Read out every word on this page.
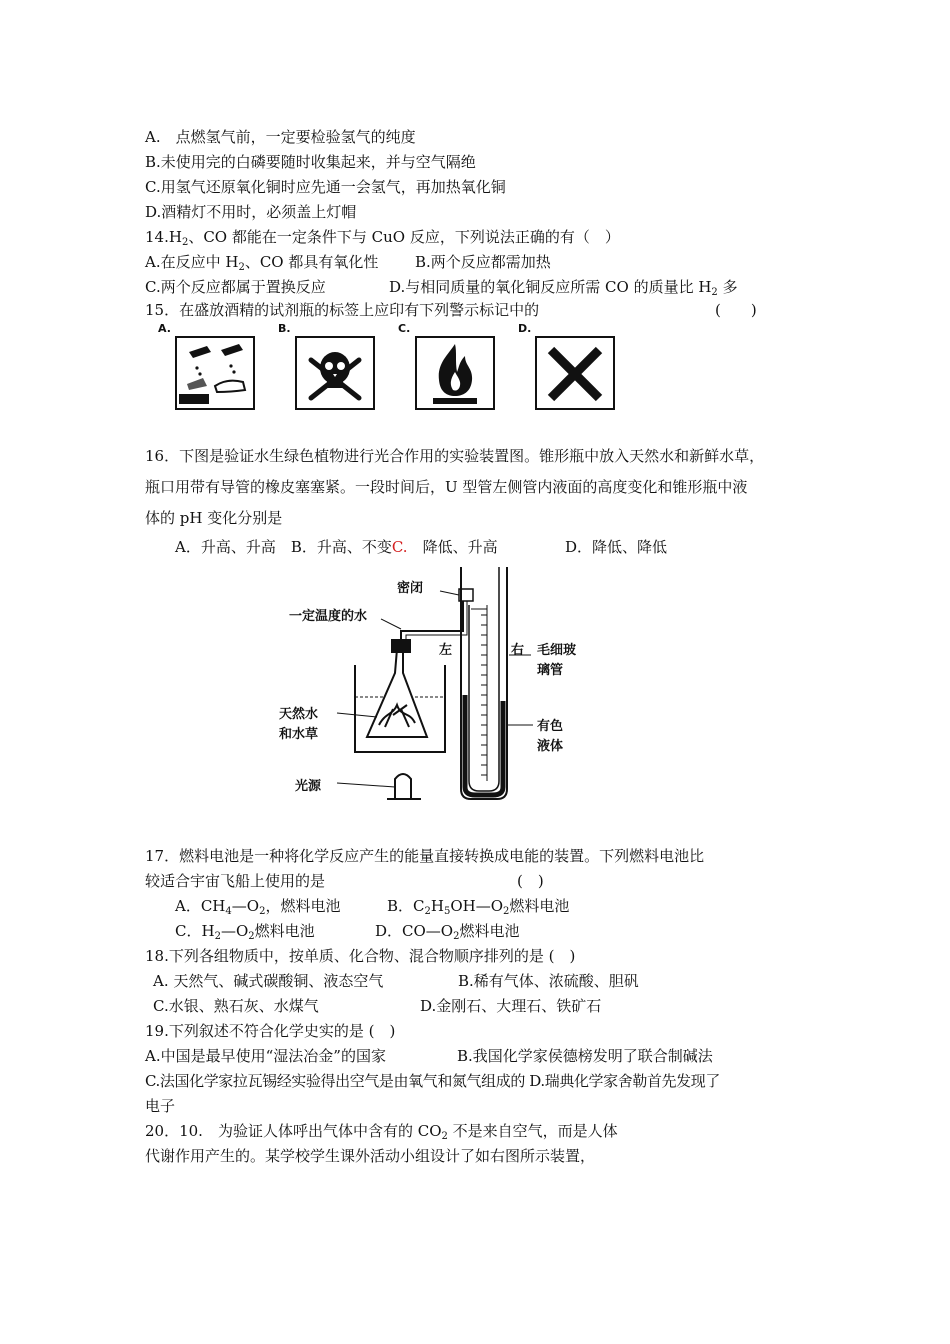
A.　点燃氢气前，一定要检验氢气的纯度
B.未使用完的白磷要随时收集起来，并与空气隔绝
C.用氢气还原氧化铜时应先通一会氢气，再加热氧化铜
D.酒精灯不用时，必须盖上灯帽
$14.H_2$、CO 都能在一定条件下与 CuO 反应，下列说法正确的有（　）
A.在反应中 $H_2$、CO 都具有氧化性 B.两个反应都需加热
C.两个反应都属于置换反应	D.与相同质量的氧化铜反应所需 CO 的质量比 $H_2$ 多
15．在盛放酒精的试剂瓶的标签上应印有下列警示标记中的	(　　)
A.	B.	C.	D.
16．下图是验证水生绿色植物进行光合作用的实验装置图。锥形瓶中放入天然水和新鲜水草，
瓶口用带有导管的橡皮塞塞紧。一段时间后，U 型管左侧管内液面的高度变化和锥形瓶中液
体的 pH 变化分别是
A．升高、升高　B．升高、不变C.　降低、升高	D．降低、降低
密闭
一定温度的水
左	右 毛细玻
璃管
天然水
和水草
有色
液体
光源
17．燃料电池是一种将化学反应产生的能量直接转换成电能的装置。下列燃料电池比
较适合宇宙飞船上使用的是	(　)
A．$CH_4—O_2$，燃料电池	B．$C_2H_5OH—O_2$燃料电池
C．$H_2—O_2$燃料电池	D．$CO—O_2$燃料电池
18.下列各组物质中，按单质、化合物、混合物顺序排列的是 (　)
A. 天然气、碱式碳酸铜、液态空气	B.稀有气体、浓硫酸、胆矾
C.水银、熟石灰、水煤气	D.金刚石、大理石、铁矿石
19.下列叙述不符合化学史实的是 (　)
A.中国是最早使用“湿法冶金”的国家	B.我国化学家侯德榜发明了联合制碱法
C.法国化学家拉瓦锡经实验得出空气是由氧气和氮气组成的 D.瑞典化学家舍勒首先发现了
电子
20．10.　为验证人体呼出气体中含有的 $CO_2$ 不是来自空气，而是人体
代谢作用产生的。某学校学生课外活动小组设计了如右图所示装置，
